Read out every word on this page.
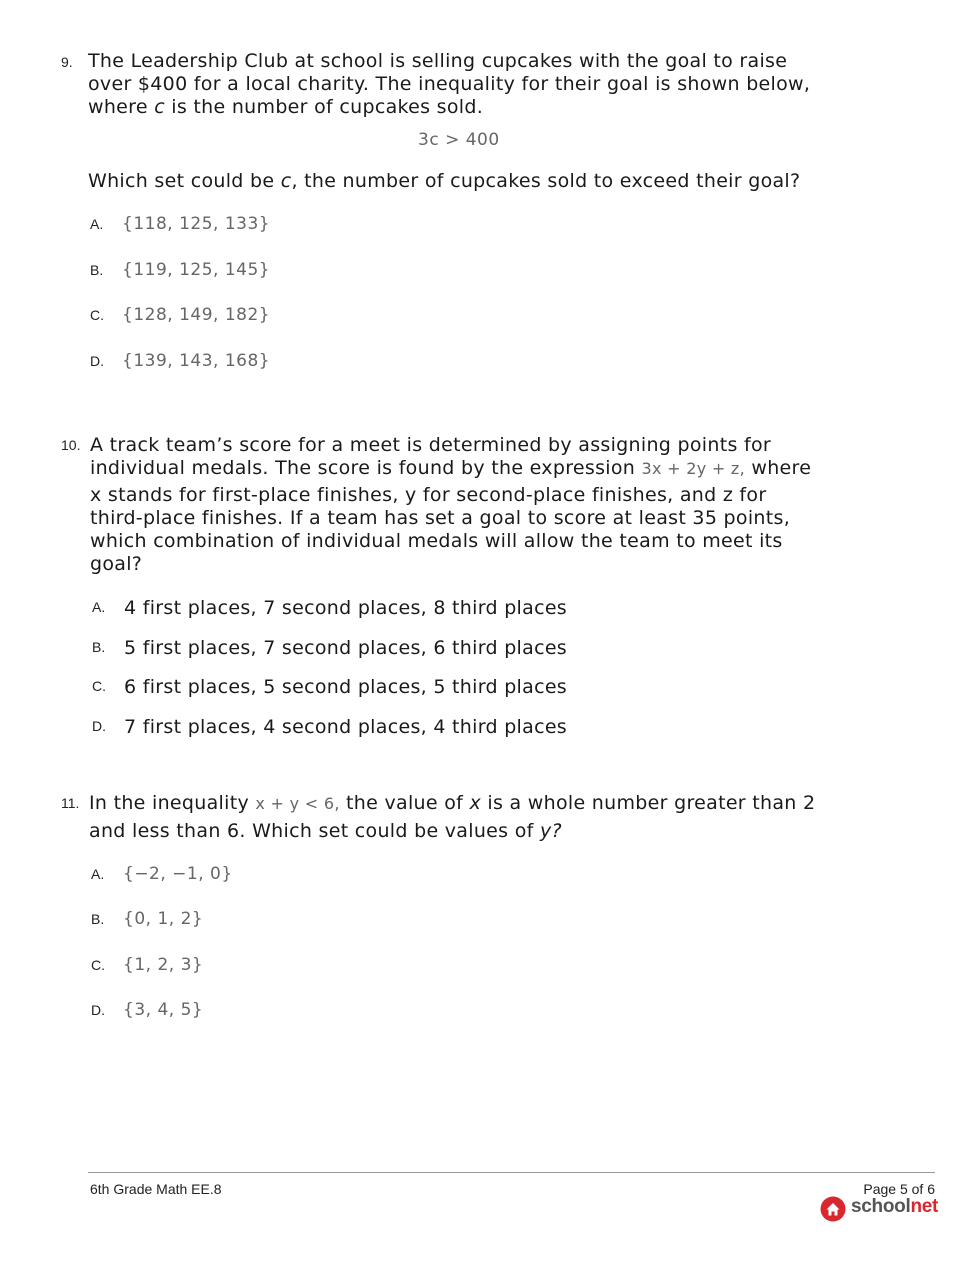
9. The Leadership Club at school is selling cupcakes with the goal to raise
over $400 for a local charity. The inequality for their goal is shown below,
where c is the number of cupcakes sold.
3c > 400
Which set could be c, the number of cupcakes sold to exceed their goal?
A. {118, 125, 133}
B. {119, 125, 145}
C. {128, 149, 182}
D. {139, 143, 168}
10. A track team’s score for a meet is determined by assigning points for
individual medals. The score is found by the expression 3x + 2y + z, where
x stands for first-place finishes, y for second-place finishes, and z for
third-place finishes. If a team has set a goal to score at least 35 points,
which combination of individual medals will allow the team to meet its
goal?
A. 4 first places, 7 second places, 8 third places
B. 5 first places, 7 second places, 6 third places
C. 6 first places, 5 second places, 5 third places
D. 7 first places, 4 second places, 4 third places
11. In the inequality x + y < 6, the value of x is a whole number greater than 2
and less than 6. Which set could be values of y?
A. {−2, −1, 0}
B. {0, 1, 2}
C. {1, 2, 3}
D. {3, 4, 5}
6th Grade Math EE.8	Page 5 of 6
schoolnet
